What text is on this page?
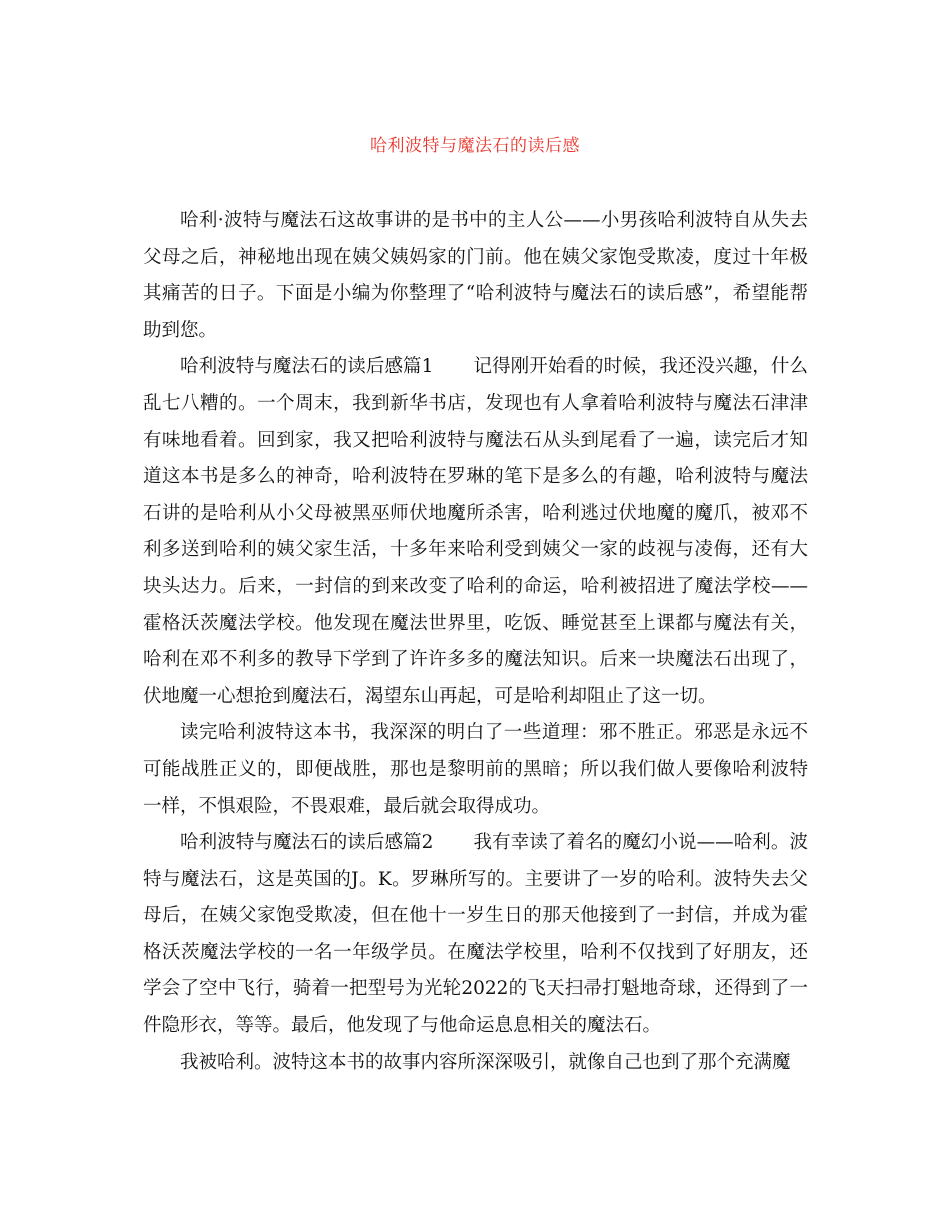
哈利波特与魔法石的读后感

哈利·波特与魔法石这故事讲的是书中的主人公——小男孩哈利波特自从失去父母之后，神秘地出现在姨父姨妈家的门前。他在姨父家饱受欺凌，度过十年极其痛苦的日子。下面是小编为你整理了“哈利波特与魔法石的读后感”，希望能帮助到您。

哈利波特与魔法石的读后感篇1 记得刚开始看的时候，我还没兴趣，什么乱七八糟的。一个周末，我到新华书店，发现也有人拿着哈利波特与魔法石津津有味地看着。回到家，我又把哈利波特与魔法石从头到尾看了一遍，读完后才知道这本书是多么的神奇，哈利波特在罗琳的笔下是多么的有趣，哈利波特与魔法石讲的是哈利从小父母被黑巫师伏地魔所杀害，哈利逃过伏地魔的魔爪，被邓不利多送到哈利的姨父家生活，十多年来哈利受到姨父一家的歧视与凌侮，还有大块头达力。后来，一封信的到来改变了哈利的命运，哈利被招进了魔法学校——霍格沃茨魔法学校。他发现在魔法世界里，吃饭、睡觉甚至上课都与魔法有关，哈利在邓不利多的教导下学到了许许多多的魔法知识。后来一块魔法石出现了，伏地魔一心想抢到魔法石，渴望东山再起，可是哈利却阻止了这一切。

读完哈利波特这本书，我深深的明白了一些道理：邪不胜正。邪恶是永远不可能战胜正义的，即便战胜，那也是黎明前的黑暗；所以我们做人要像哈利波特一样，不惧艰险，不畏艰难，最后就会取得成功。

哈利波特与魔法石的读后感篇2 我有幸读了着名的魔幻小说——哈利。波特与魔法石，这是英国的J。K。罗琳所写的。主要讲了一岁的哈利。波特失去父母后，在姨父家饱受欺凌，但在他十一岁生日的那天他接到了一封信，并成为霍格沃茨魔法学校的一名一年级学员。在魔法学校里，哈利不仅找到了好朋友，还学会了空中飞行，骑着一把型号为光轮2022的飞天扫帚打魁地奇球，还得到了一件隐形衣，等等。最后，他发现了与他命运息息相关的魔法石。

我被哈利。波特这本书的故事内容所深深吸引，就像自己也到了那个充满魔
